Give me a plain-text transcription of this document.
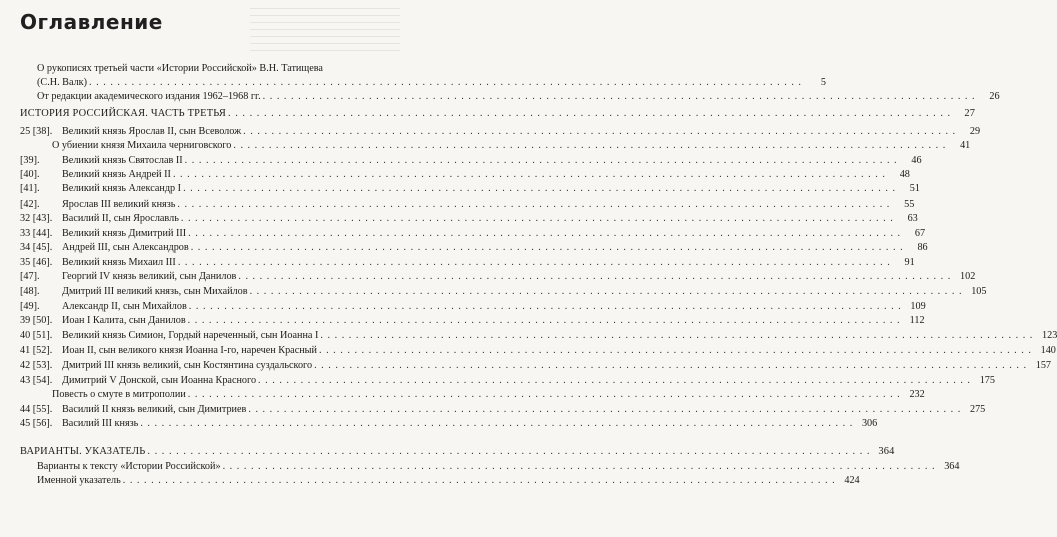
Оглавление
О рукописях третьей части «Истории Российской» В.Н. Татищева
(С.Н. Валк) . . .	5
От редакции академического издания 1962–1968 гг. . . .	26
ИСТОРИЯ РОССИЙСКАЯ. ЧАСТЬ ТРЕТЬЯ . . .	27
25 [38]. Великий князь Ярослав II, сын Всеволож . . .	29
О убиении князя Михаила черниговского . . .	41
[39]. Великий князь Святослав II . . .	46
[40]. Великий князь Андрей II . . .	48
[41]. Великий князь Александр I . . .	51
[42]. Ярослав III великий князь . . .	55
32 [43]. Василий II, сын Ярославль . . .	63
33 [44]. Великий князь Димитрий III . . .	67
34 [45]. Андрей III, сын Александров . . .	86
35 [46]. Великий князь Михаил III . . .	91
[47]. Георгий IV князь великий, сын Данилов . . .	102
[48]. Дмитрий III великий князь, сын Михайлов . . .	105
[49]. Александр II, сын Михайлов . . .	109
39 [50]. Иоан I Калита, сын Данилов . . .	112
40 [51]. Великий князь Симион, Гордый нареченный, сын Иоанна I . . .	123
41 [52]. Иоан II, сын великого князя Иоанна I-го, наречен Красный . . .	140
42 [53]. Дмитрий III князь великий, сын Костянтина суздальского . . .	157
43 [54]. Димитрий V Донской, сын Иоанна Красного . . .	175
Повесть о смуте в митрополии . . .	232
44 [55]. Василий II князь великий, сын Димитриев . . .	275
45 [56]. Василий III князь . . .	306
ВАРИАНТЫ. УКАЗАТЕЛЬ . . .	364
Варианты к тексту «Истории Российской» . . .	364
Именной указатель . . .	424
